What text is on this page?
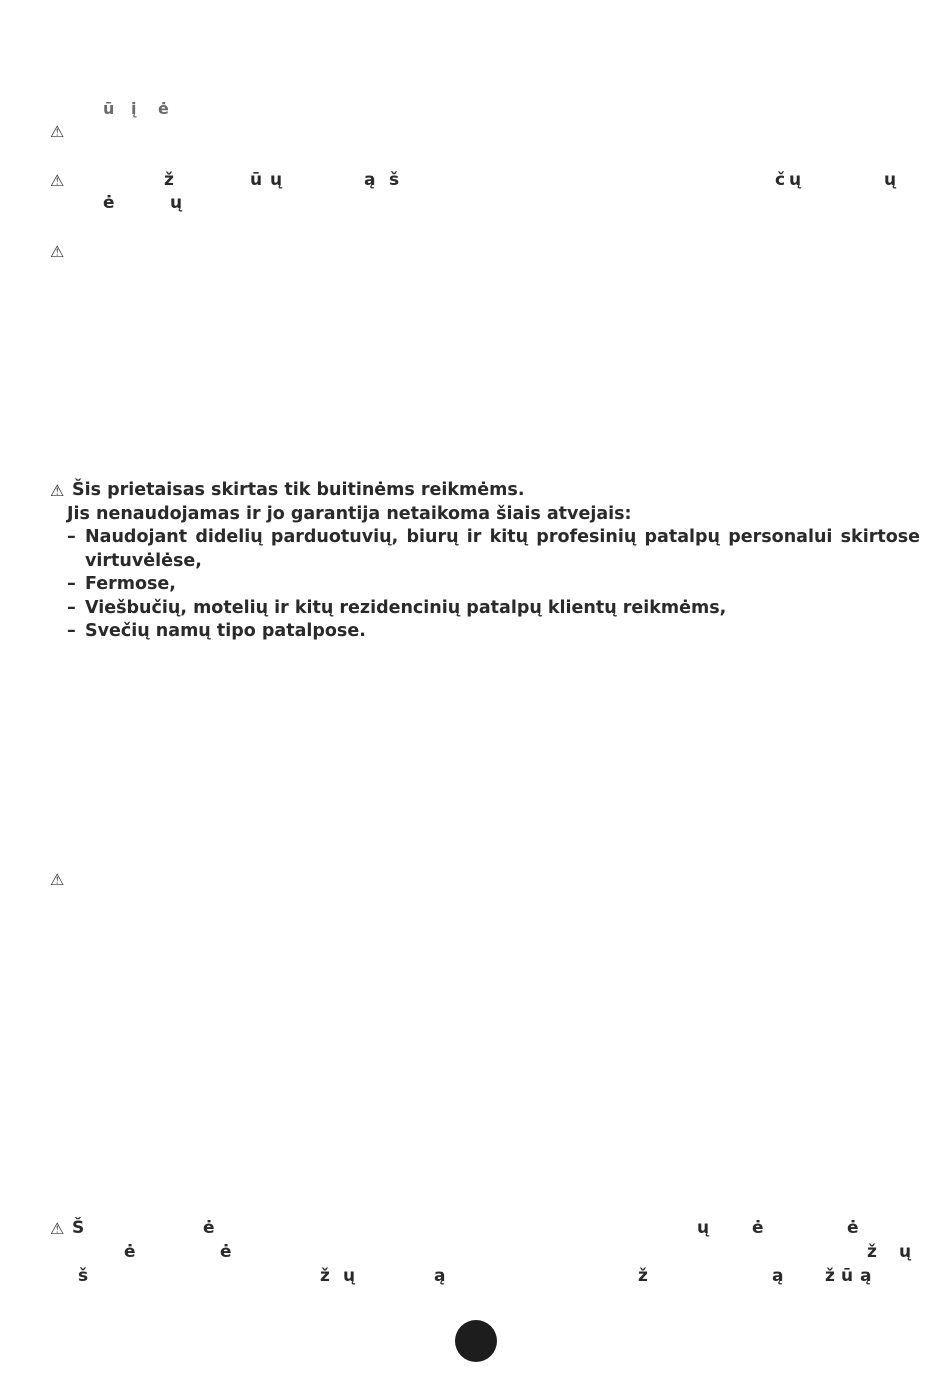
ū į ė
⚠
⚠	ž	ū ų	ą š	č ų	ų
ė	ų
⚠
⚠ Šis prietaisas skirtas tik buitinėms reikmėms.
Jis nenaudojamas ir jo garantija netaikoma šiais atvejais:
– Naudojant didelių parduotuvių, biurų ir kitų profesinių patalpų personalui skirtose virtuvėlėse,
– Fermose,
– Viešbučių, motelių ir kitų rezidencinių patalpų klientų reikmėms,
– Svečių namų tipo patalpose.
⚠
⚠ Š	ė	ų	ė	ė
ė	ė	ž ų
š	ž ų	ą	ž	ą ž ū ą
